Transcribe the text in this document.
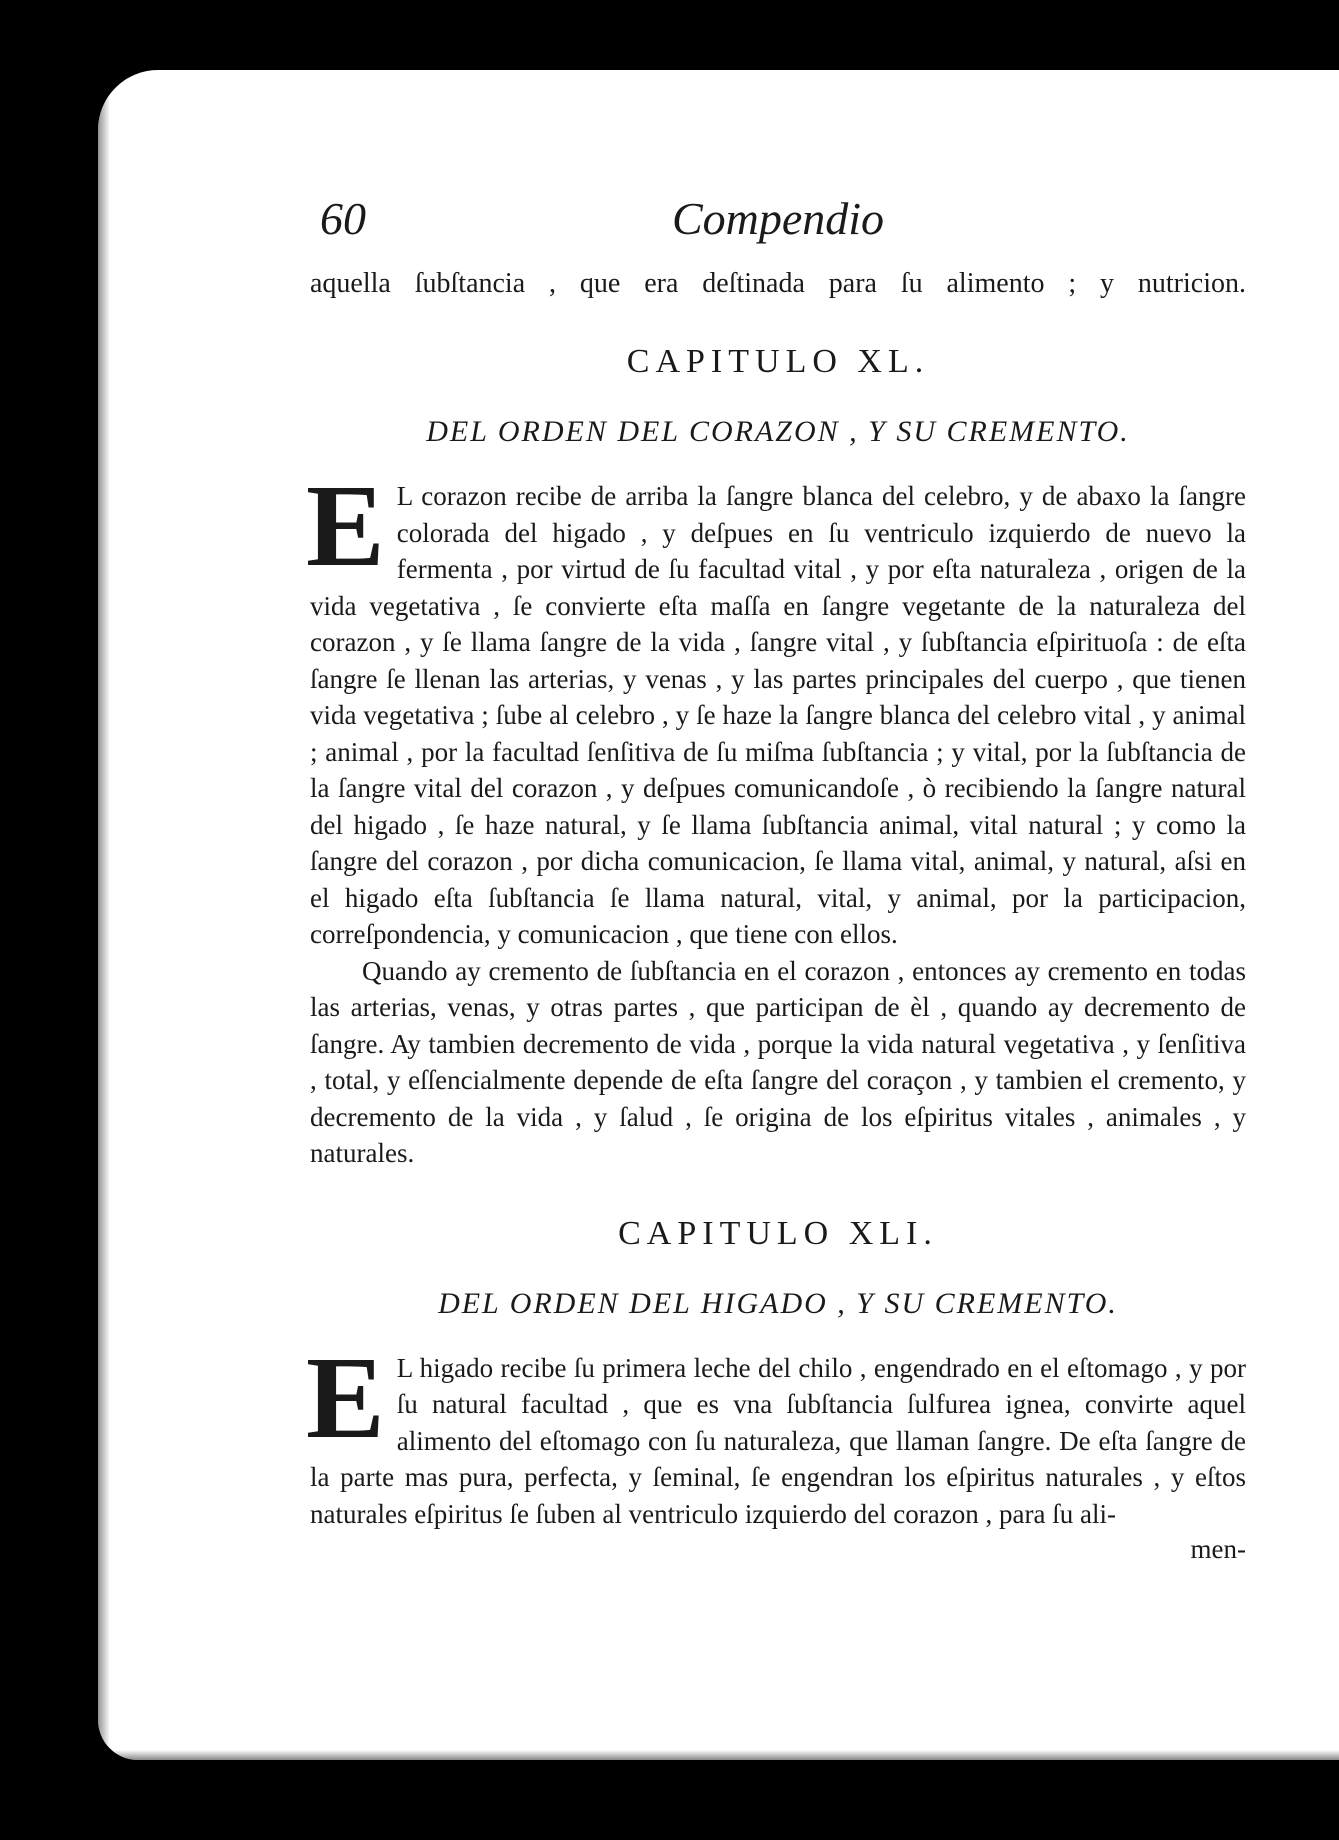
60	Compendio
aquella ſubſtancia , que era deſtinada para ſu alimento ; y nutricion.
CAPITULO XL.
DEL ORDEN DEL CORAZON , Y SU CREMENTO.

E L corazon recibe de arriba la ſangre blanca del celebro, y de abaxo la ſangre colorada del higado , y deſpues en ſu ventriculo izquierdo de nuevo la fermenta , por virtud de ſu facultad vital , y por eſta naturaleza , origen de la vida vegetativa , ſe convierte eſta maſſa en ſangre vegetante de la naturaleza del corazon , y ſe llama ſangre de la vida , ſangre vital , y ſubſtancia eſpirituoſa : de eſta ſangre ſe llenan las arterias, y venas , y las partes principales del cuerpo , que tienen vida vegetativa ; ſube al celebro , y ſe haze la ſangre blanca del celebro vital , y animal ; animal , por la facultad ſenſitiva de ſu miſma ſubſtancia ; y vital, por la ſubſtancia de la ſangre vital del corazon , y deſpues comunicandoſe , ò recibiendo la ſangre natural del higado , ſe haze natural, y ſe llama ſubſtancia animal, vital natural ; y como la ſangre del corazon , por dicha comunicacion, ſe llama vital, animal, y natural, aſsi en el higado eſta ſubſtancia ſe llama natural, vital, y animal, por la participacion, correſpondencia, y comunicacion , que tiene con ellos.

Quando ay cremento de ſubſtancia en el corazon , entonces ay cremento en todas las arterias, venas, y otras partes , que participan de èl , quando ay decremento de ſangre. Ay tambien decremento de vida , porque la vida natural vegetativa , y ſenſitiva , total, y eſſencialmente depende de eſta ſangre del coraçon , y tambien el cremento, y decremento de la vida , y ſalud , ſe origina de los eſpiritus vitales , animales , y naturales.

CAPITULO XLI.
DEL ORDEN DEL HIGADO , Y SU CREMENTO.

E L higado recibe ſu primera leche del chilo , engendrado en el eſtomago , y por ſu natural facultad , que es vna ſubſtancia ſulfurea ignea, convirte aquel alimento del eſtomago con ſu naturaleza, que llaman ſangre. De eſta ſangre de la parte mas pura, perfecta, y ſeminal, ſe engendran los eſpiritus naturales , y eſtos naturales eſpiritus ſe ſuben al ventriculo izquierdo del corazon , para ſu ali-

men-
